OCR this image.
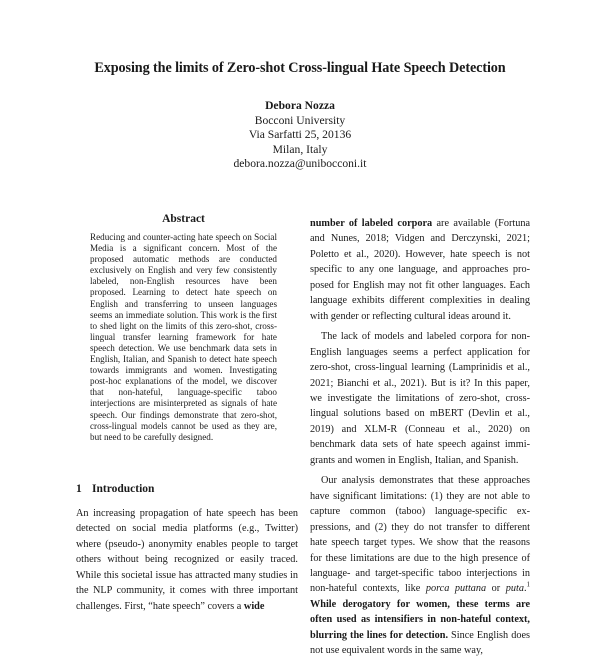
Exposing the limits of Zero-shot Cross-lingual Hate Speech Detection
Debora Nozza
Bocconi University
Via Sarfatti 25, 20136
Milan, Italy
debora.nozza@unibocconi.it
Abstract
Reducing and counter-acting hate speech on Social Media is a significant concern. Most of the proposed automatic methods are conducted exclusively on English and very few consistently labeled, non-English resources have been proposed. Learning to detect hate speech on English and transferring to unseen languages seems an immediate solution. This work is the first to shed light on the limits of this zero-shot, cross-lingual transfer learning framework for hate speech detection. We use benchmark data sets in English, Italian, and Spanish to detect hate speech towards immigrants and women. Investigating post-hoc explanations of the model, we discover that non-hateful, language-specific taboo interjections are misinterpreted as signals of hate speech. Our findings demonstrate that zero-shot, cross-lingual models cannot be used as they are, but need to be carefully designed.
1 Introduction
An increasing propagation of hate speech has been detected on social media platforms (e.g., Twitter) where (pseudo-) anonymity enables people to target others without being recognized or easily traced. While this societal issue has attracted many studies in the NLP community, it comes with three important challenges. First, “hate speech” covers a wide

number of labeled corpora are available (Fortuna and Nunes, 2018; Vidgen and Derczynski, 2021; Poletto et al., 2020). However, hate speech is not specific to any one language, and approaches proposed for English may not fit other languages. Each language exhibits different complexities in dealing with gender or reflecting cultural ideas around it.

The lack of models and labeled corpora for non-English languages seems a perfect application for zero-shot, cross-lingual learning (Lamprinidis et al., 2021; Bianchi et al., 2021). But is it? In this paper, we investigate the limitations of zero-shot, cross-lingual solutions based on mBERT (Devlin et al., 2019) and XLM-R (Conneau et al., 2020) on benchmark data sets of hate speech against immigrants and women in English, Italian, and Spanish.

Our analysis demonstrates that these approaches have significant limitations: (1) they are not able to capture common (taboo) language-specific expressions, and (2) they do not transfer to different hate speech target types. We show that the reasons for these limitations are due to the high presence of language- and target-specific taboo interjections in non-hateful contexts, like porca puttana or puta.$^1$ While derogatory for women, these terms are often used as intensifiers in non-hateful context, blurring the lines for detection. Since English does not use equivalent words in the same way,
